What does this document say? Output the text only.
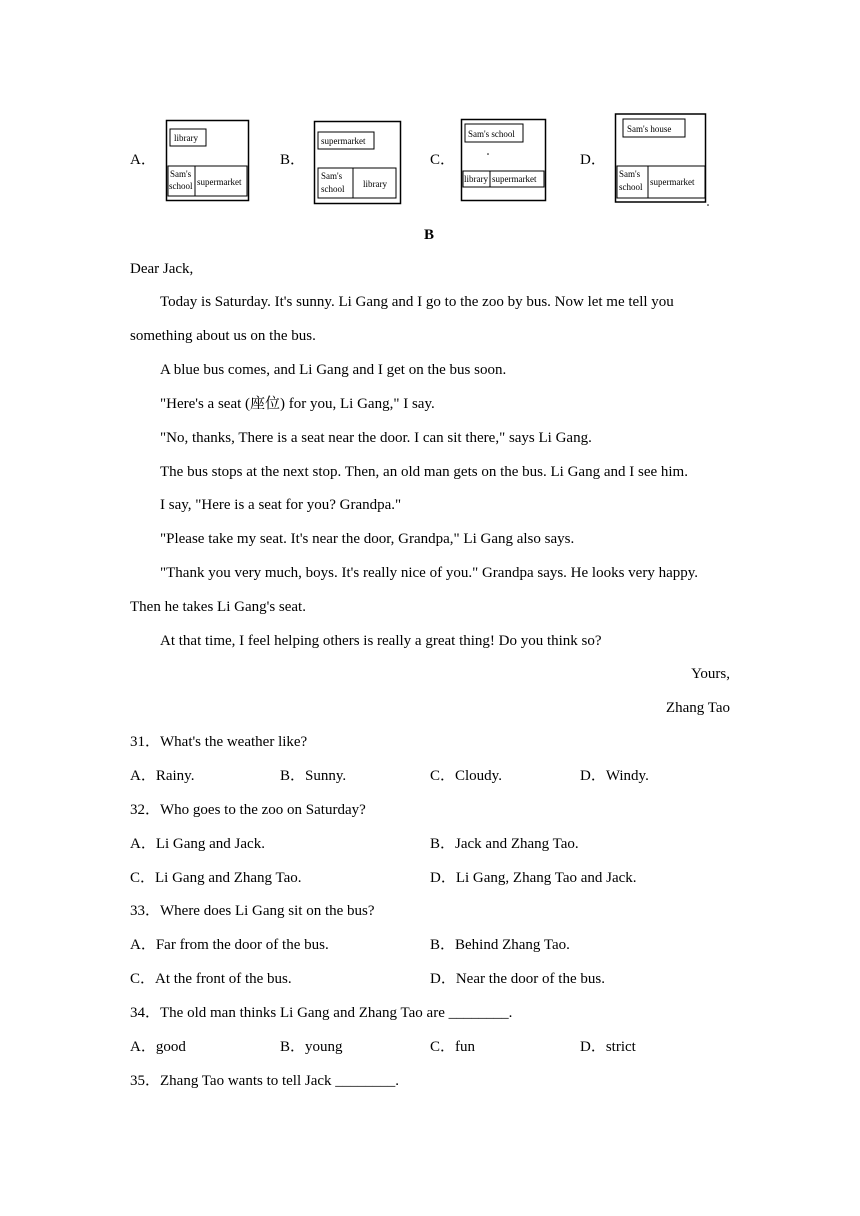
A．
library
Sam's
school supermarket
B．
supermarket
Sam's
school library
C．
Sam's school
library supermarket
D．
Sam's house
Sam's
school supermarket
B
Dear Jack,
Today is Saturday. It's sunny. Li Gang and I go to the zoo by bus. Now let me tell you
something about us on the bus.
A blue bus comes, and Li Gang and I get on the bus soon.
"Here's a seat (座位) for you, Li Gang," I say.
"No, thanks, There is a seat near the door. I can sit there," says Li Gang.
The bus stops at the next stop. Then, an old man gets on the bus. Li Gang and I see him.
I say, "Here is a seat for you? Grandpa."
"Please take my seat. It's near the door, Grandpa," Li Gang also says.
"Thank you very much, boys. It's really nice of you." Grandpa says. He looks very happy.
Then he takes Li Gang's seat.
At that time, I feel helping others is really a great thing! Do you think so?
Yours,
Zhang Tao
31．What's the weather like?
A．Rainy.	B．Sunny.	C．Cloudy.	D．Windy.
32．Who goes to the zoo on Saturday?
A．Li Gang and Jack.	B．Jack and Zhang Tao.
C．Li Gang and Zhang Tao.	D．Li Gang, Zhang Tao and Jack.
33．Where does Li Gang sit on the bus?
A．Far from the door of the bus.	B．Behind Zhang Tao.
C．At the front of the bus.	D．Near the door of the bus.
34．The old man thinks Li Gang and Zhang Tao are ________.
A．good	B．young	C．fun	D．strict
35．Zhang Tao wants to tell Jack ________.
